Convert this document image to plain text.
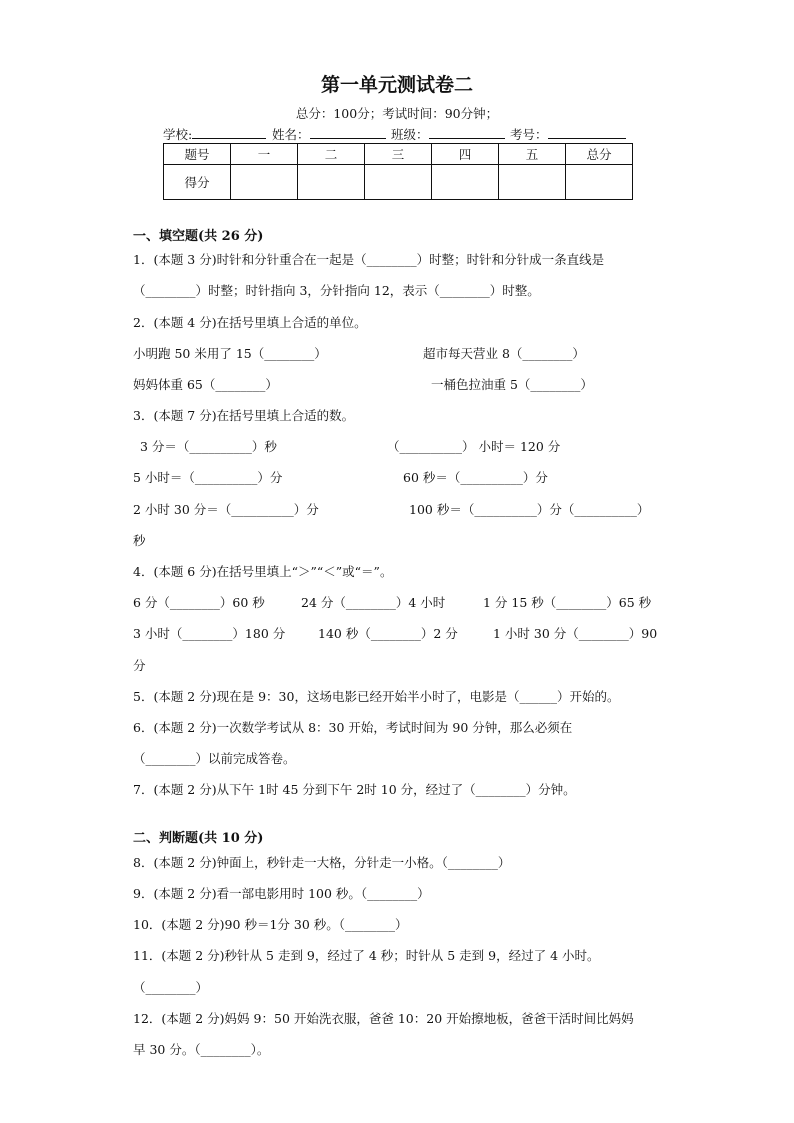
第一单元测试卷二
总分：100分；考试时间：90分钟；
学校:	姓名：	班级：	考号：
题号	一	二	三	四	五	总分
得分						
一、填空题(共 26 分)
1．(本题 3 分)时针和分针重合在一起是（________）时整；时针和分针成一条直线是
（________）时整；时针指向 3，分针指向 12，表示（________）时整。
2．(本题 4 分)在括号里填上合适的单位。
小明跑 50 米用了 15（________）	超市每天营业 8（________）
妈妈体重 65（________）	一桶色拉油重 5（________）
3．(本题 7 分)在括号里填上合适的数。
3 分＝（__________）秒	（__________） 小时＝ 120 分
5 小时＝（__________）分	60 秒＝（__________）分
2 小时 30 分＝（__________）分	100 秒＝（__________）分（__________）
秒
4．(本题 6 分)在括号里填上“＞”“＜”或“＝”。
6 分（________）60 秒	24 分（________）4 小时	1 分 15 秒（________）65 秒
3 小时（________）180 分	140 秒（________）2 分	1 小时 30 分（________）90
分
5．(本题 2 分)现在是 9：30，这场电影已经开始半小时了，电影是（______）开始的。
6．(本题 2 分)一次数学考试从 8：30 开始，考试时间为 90 分钟，那么必须在
（________）以前完成答卷。
7．(本题 2 分)从下午 1时 45 分到下午 2时 10 分，经过了（________）分钟。
二、判断题(共 10 分)
8．(本题 2 分)钟面上，秒针走一大格，分针走一小格。（________）
9．(本题 2 分)看一部电影用时 100 秒。（________）
10．(本题 2 分)90 秒＝1分 30 秒。（________）
11．(本题 2 分)秒针从 5 走到 9，经过了 4 秒；时针从 5 走到 9，经过了 4 小时。
（________）
12．(本题 2 分)妈妈 9：50 开始洗衣服，爸爸 10：20 开始擦地板，爸爸干活时间比妈妈
早 30 分。（________）。
